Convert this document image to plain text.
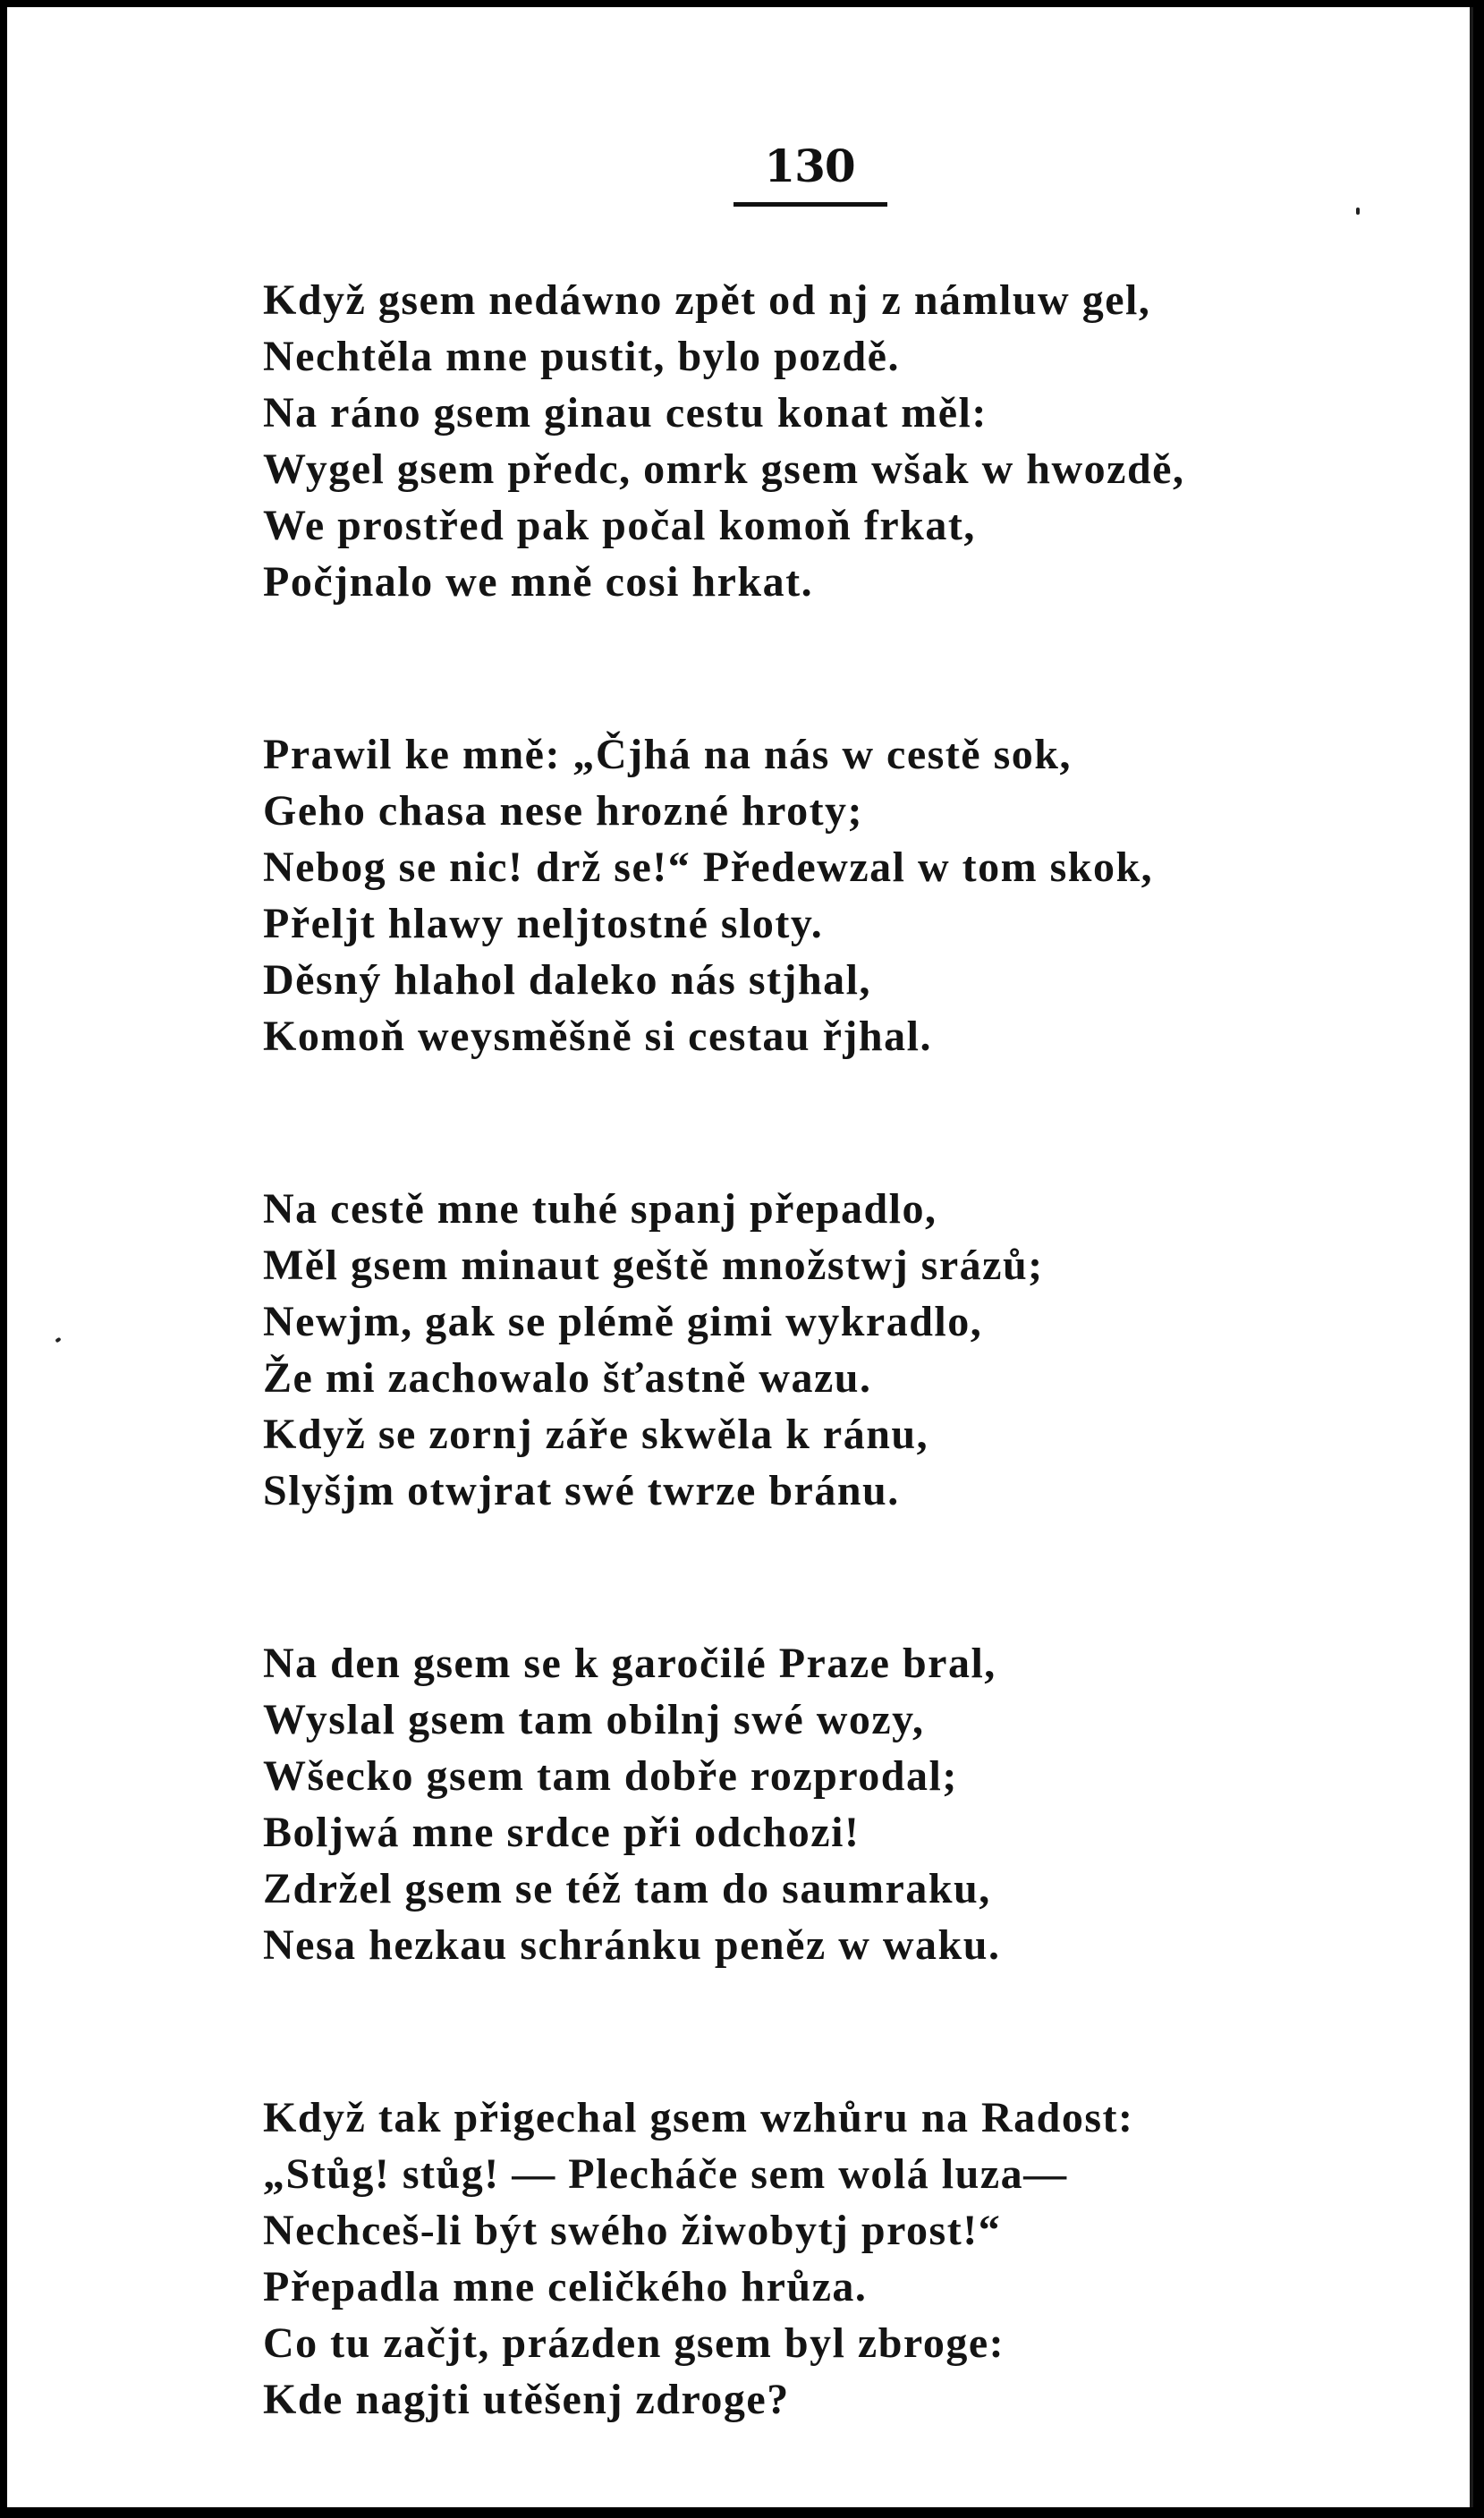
130
Když gsem nedáwno zpět od nj z námluw gel,
Nechtěla mne pustit, bylo pozdě.
Na ráno gsem ginau cestu konat měl:
Wygel gsem předc, omrk gsem wšak w hwozdě,
We prostřed pak počal komoň frkat,
Počjnalo we mně cosi hrkat.
Prawil ke mně: „Čjhá na nás w cestě sok,
Geho chasa nese hrozné hroty;
Nebog se nic! drž se!“ Předewzal w tom skok,
Přeljt hlawy neljtostné sloty.
Děsný hlahol daleko nás stjhal,
Komoň weysměšně si cestau řjhal.
Na cestě mne tuhé spanj přepadlo,
Měl gsem minaut geště množstwj srázů;
Newjm, gak se plémě gimi wykradlo,
Že mi zachowalo šťastně wazu.
Když se zornj záře skwěla k ránu,
Slyšjm otwjrat swé twrze bránu.
Na den gsem se k garočilé Praze bral,
Wyslal gsem tam obilnj swé wozy,
Wšecko gsem tam dobře rozprodal;
Boljwá mne srdce při odchozi!
Zdržel gsem se též tam do saumraku,
Nesa hezkau schránku peněz w waku.
Když tak přigechal gsem wzhůru na Radost:
„Stůg! stůg! — Plecháče sem wolá luza—
Nechceš-li být swého žiwobytj prost!“
Přepadla mne celičkého hrůza.
Co tu začjt, prázden gsem byl zbroge:
Kde nagjti utěšenj zdroge?
